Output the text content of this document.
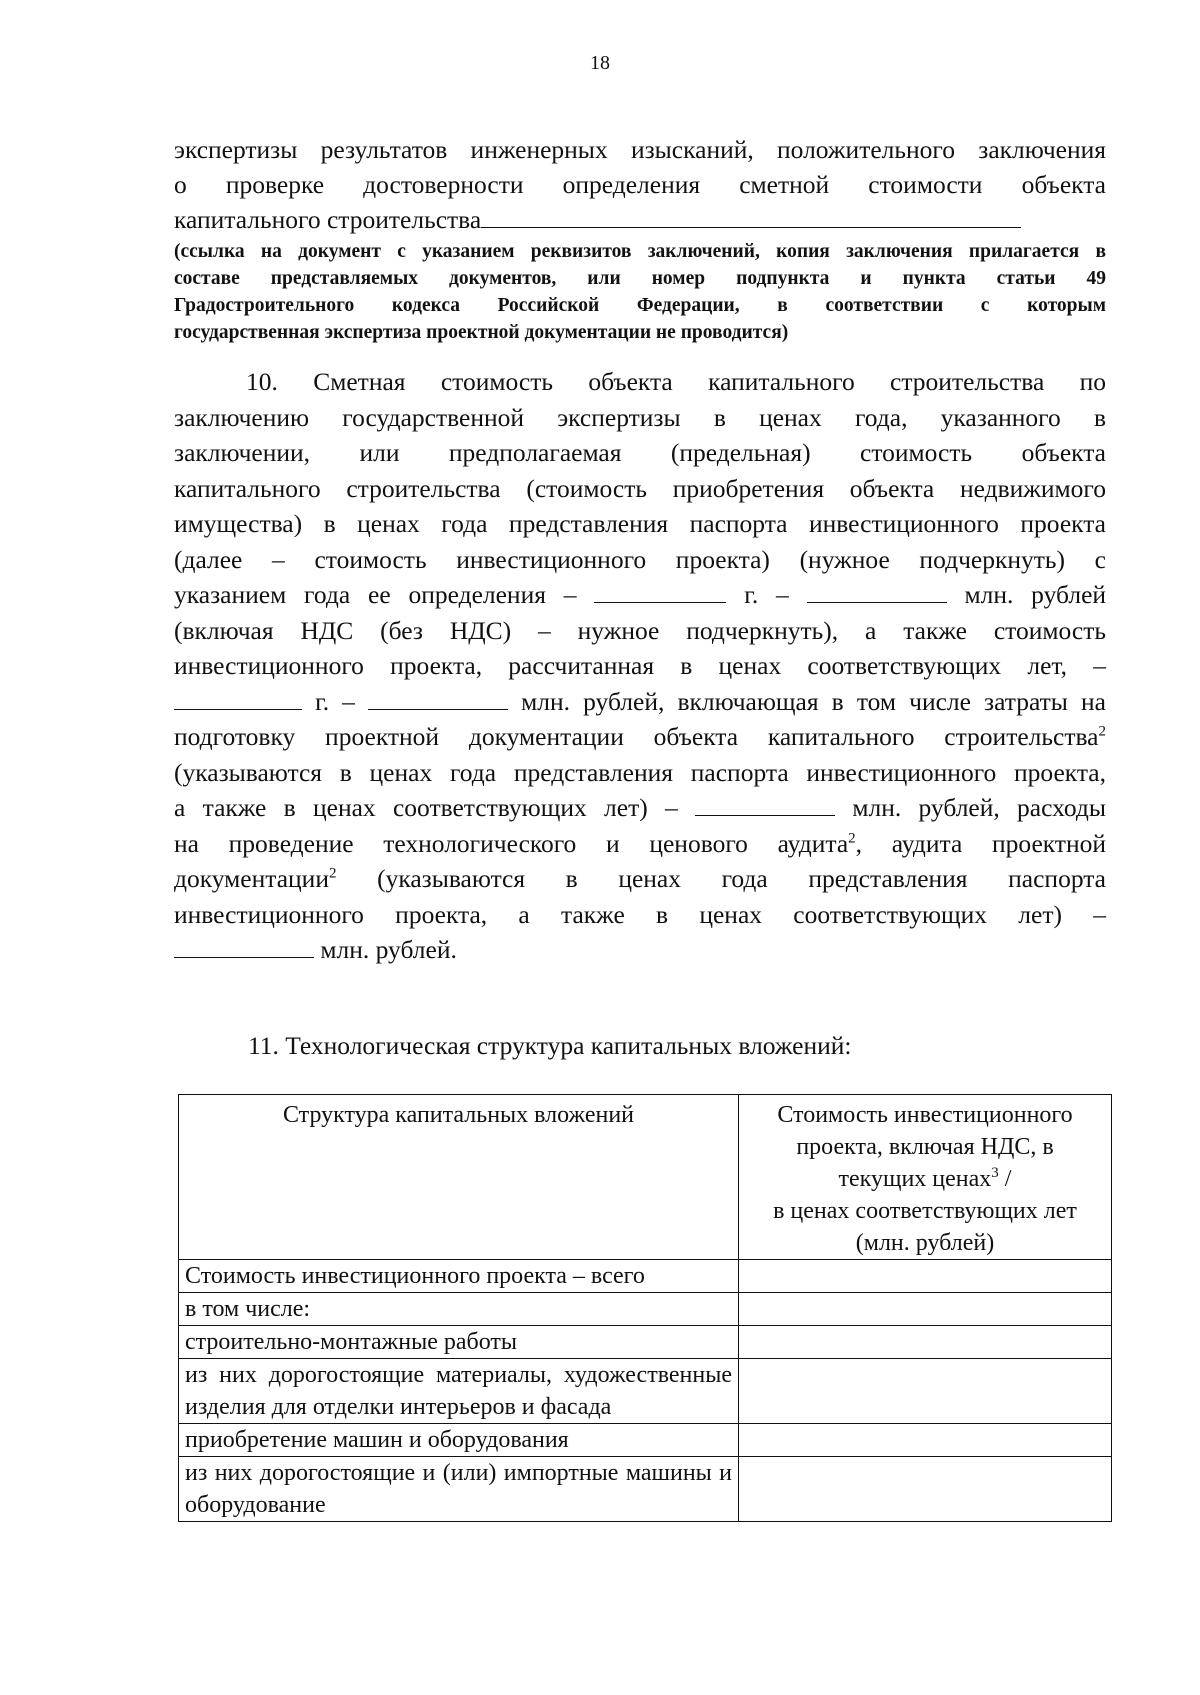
18

экспертизы результатов инженерных изысканий, положительного заключения

о проверке достоверности определения сметной стоимости объекта

капитального строительства

(ссылка на документ с указанием реквизитов заключений, копия заключения прилагается в

составе представляемых документов, или номер подпункта и пункта статьи 49

Градостроительного кодекса Российской Федерации, в соответствии с которым

государственная экспертиза проектной документации не проводится)

10. Сметная стоимость объекта капитального строительства по

заключению государственной экспертизы в ценах года, указанного в

заключении, или предполагаемая (предельная) стоимость объекта

капитального строительства (стоимость приобретения объекта недвижимого

имущества) в ценах года представления паспорта инвестиционного проекта

(далее – стоимость инвестиционного проекта) (нужное подчеркнуть) с

указанием года ее определения –	г. –	млн. рублей

(включая НДС (без НДС) – нужное подчеркнуть), а также стоимость

инвестиционного проекта, рассчитанная в ценах соответствующих лет, –

г. –	млн. рублей, включающая в том числе затраты на

подготовку проектной документации объекта капитального строительства$^2$

(указываются в ценах года представления паспорта инвестиционного проекта,

а также в ценах соответствующих лет) –	млн. рублей, расходы

на проведение технологического и ценового аудита$^2$, аудита проектной

документации$^2$ (указываются в ценах года представления паспорта

инвестиционного проекта, а также в ценах соответствующих лет) –

млн. рублей.

11. Технологическая структура капитальных вложений:
Структура капитальных вложений	Стоимость инвестиционного
проекта, включая НДС, в
текущих ценах$^3$ /
в ценах соответствующих лет
(млн. рублей)

Стоимость инвестиционного проекта – всего	
в том числе:	
строительно-монтажные работы	
из них дорогостоящие материалы, художественные изделия для отделки интерьеров и фасада	
приобретение машин и оборудования	
из них дорогостоящие и (или) импортные машины и оборудование	
